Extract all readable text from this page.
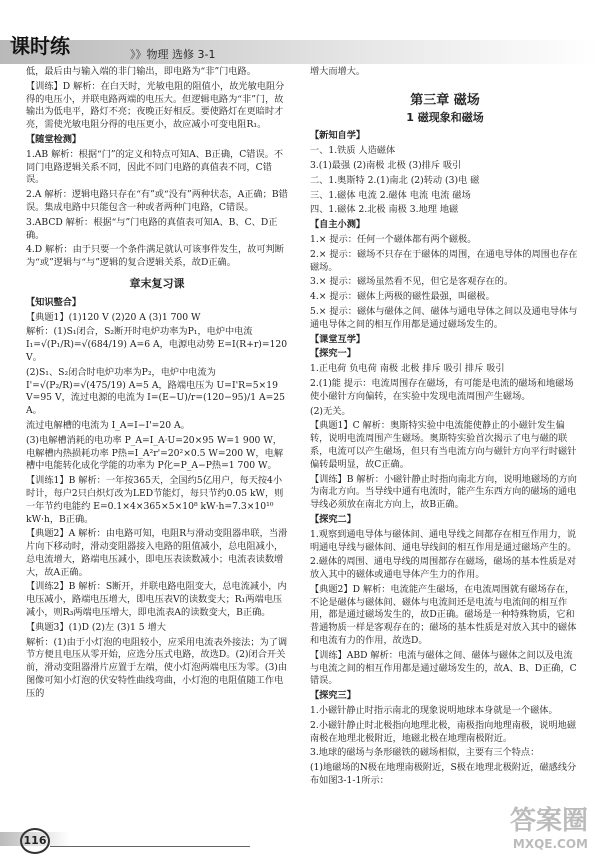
课时练	》》物理 选修 3-1

低，最后由与输入端的非门输出，即电路为“非”门电路。

【训练】D 解析：在白天时，光敏电阻的阻值小，故光敏电阻分得的电压小，并联电路两端的电压大。但逻辑电路为“非”门，故输出为低电平，路灯不亮；夜晚正好相反。要使路灯在更暗时才亮，需使光敏电阻分得的电压更小，故应减小可变电阻R₁。

【随堂检测】

1.AB 解析：根据“门”的定义和特点可知A、B正确，C错误。不同门电路逻辑关系不同，因此不同门电路的真值表不同，C错误。

2.A 解析：逻辑电路只存在“有”或“没有”两种状态，A正确；B错误。集成电路中只能包含一种或者两种门电路，C错误。

3.ABCD 解析：根据“与”门电路的真值表可知A、B、C、D正确。

4.D 解析：由于只要一个条件满足就认可该事件发生，故可判断为“或”逻辑与“与”逻辑的复合逻辑关系，故D正确。

章末复习课

【知识整合】

【典题1】(1)120 V (2)20 A (3)1 700 W

解析：(1)S₁闭合，S₂断开时电炉功率为P₁，电炉中电流 I₁=√(P₁/R)=√(684/19) A=6 A，电源电动势 E=I(R+r)=120 V。

(2)S₁、S₂闭合时电炉功率为P₂，电炉中电流为 I'=√(P₂/R)=√(475/19) A=5 A，路端电压为 U=I'R=5×19 V=95 V，流过电源的电流为 I=(E−U)/r=(120−95)/1 A=25 A。

流过电解槽的电流为 I_A=I−I'=20 A。

(3)电解槽消耗的电功率 P_A=I_A·U=20×95 W=1 900 W，电解槽内热损耗功率 P热=I_A²r'=20²×0.5 W=200 W，电解槽中电能转化成化学能的功率为 P化=P_A−P热=1 700 W。

【训练1】B 解析：一年按365天，全国约5亿用户，每天按4小时计，每户2只白炽灯改为LED节能灯，每只节约0.05 kW，则一年节约电能约 E=0.1×4×365×5×10⁸ kW·h=7.3×10¹⁰ kW·h，B正确。

【典题2】A 解析：由电路可知，电阻R与滑动变阻器串联，当滑片向下移动时，滑动变阻器接入电路的阻值减小，总电阻减小，总电流增大，路端电压减小，即电压表读数减小；电流表读数增大，故A正确。

【训练2】B 解析：S断开，并联电路电阻变大，总电流减小，内电压减小，路端电压增大，即电压表V的读数变大；R₁两端电压减小，则R₃两端电压增大，即电流表A的读数变大，B正确。

【典题3】(1)D (2)左 (3)1 5 增大

解析：(1)由于小灯泡的电阻较小，应采用电流表外接法；为了调节方便且电压从零开始，应选分压式电路，故选D。(2)闭合开关前，滑动变阻器滑片应置于左端，使小灯泡两端电压为零。(3)由图像可知小灯泡的伏安特性曲线弯曲，小灯泡的电阻值随工作电压的

增大而增大。

第三章 磁场
1 磁现象和磁场

【新知自学】

一、1.铁质 人造磁体

3.(1)最强 (2)南极 北极 (3)排斥 吸引

二、1.奥斯特 2.(1)南北 (2)转动 (3)电 磁

三、1.磁体 电流 2.磁体 电流 电流 磁场

四、1.磁体 2.北极 南极 3.地理 地磁

【自主小测】

1.× 提示：任何一个磁体都有两个磁极。

2.× 提示：磁场不只存在于磁体的周围，在通电导体的周围也存在磁场。

3.× 提示：磁场虽然看不见，但它是客观存在的。

4.× 提示：磁体上两极的磁性最强，叫磁极。

5.× 提示：磁体与磁体之间、磁体与通电导体之间以及通电导体与通电导体之间的相互作用都是通过磁场发生的。

【课堂互学】

【探究一】

1.正电荷 负电荷 南极 北极 排斥 吸引 排斥 吸引

2.(1)能 提示：电流周围存在磁场，有可能是电流的磁场和地磁场使小磁针方向偏转，在实验中发现电流周围产生磁场。

(2)无关。

【典题1】C 解析：奥斯特实验中电流能使静止的小磁针发生偏转，说明电流周围产生磁场。奥斯特实验首次揭示了电与磁的联系，电流可以产生磁场，但只有当电流方向与磁针方向平行时磁针偏转最明显，故C正确。

【训练】B 解析：小磁针静止时指向南北方向，说明地磁场的方向为南北方向。当导线中通有电流时，能产生东西方向的磁场的通电导线必须放在南北方向上，故B正确。

【探究二】

1.观察到通电导体与磁体间、通电导线之间都存在相互作用力，说明通电导线与磁体间、通电导线间的相互作用是通过磁场产生的。

2.磁体的周围、通电导线的周围都存在磁场，磁场的基本性质是对放入其中的磁体或通电导体产生力的作用。

【典题2】D 解析：电流能产生磁场，在电流周围就有磁场存在，不论是磁体与磁体间、磁体与电流间还是电流与电流间的相互作用，都是通过磁场发生的，故D正确。磁场是一种特殊物质，它和普通物质一样是客观存在的；磁场的基本性质是对放入其中的磁体和电流有力的作用，故选D。

【训练】ABD 解析：电流与磁体之间、磁体与磁体之间以及电流与电流之间的相互作用都是通过磁场发生的，故A、B、D正确，C错误。

【探究三】

1.小磁针静止时指示南北的现象说明地球本身就是一个磁体。

2.小磁针静止时北极指向地理北极，南极指向地理南极，说明地磁南极在地理北极附近，地磁北极在地理南极附近。

3.地球的磁场与条形磁铁的磁场相似，主要有三个特点：

(1)地磁场的N极在地理南极附近，S极在地理北极附近，磁感线分布如图3-1-1所示：

116
答案圈
MXQE.COM
